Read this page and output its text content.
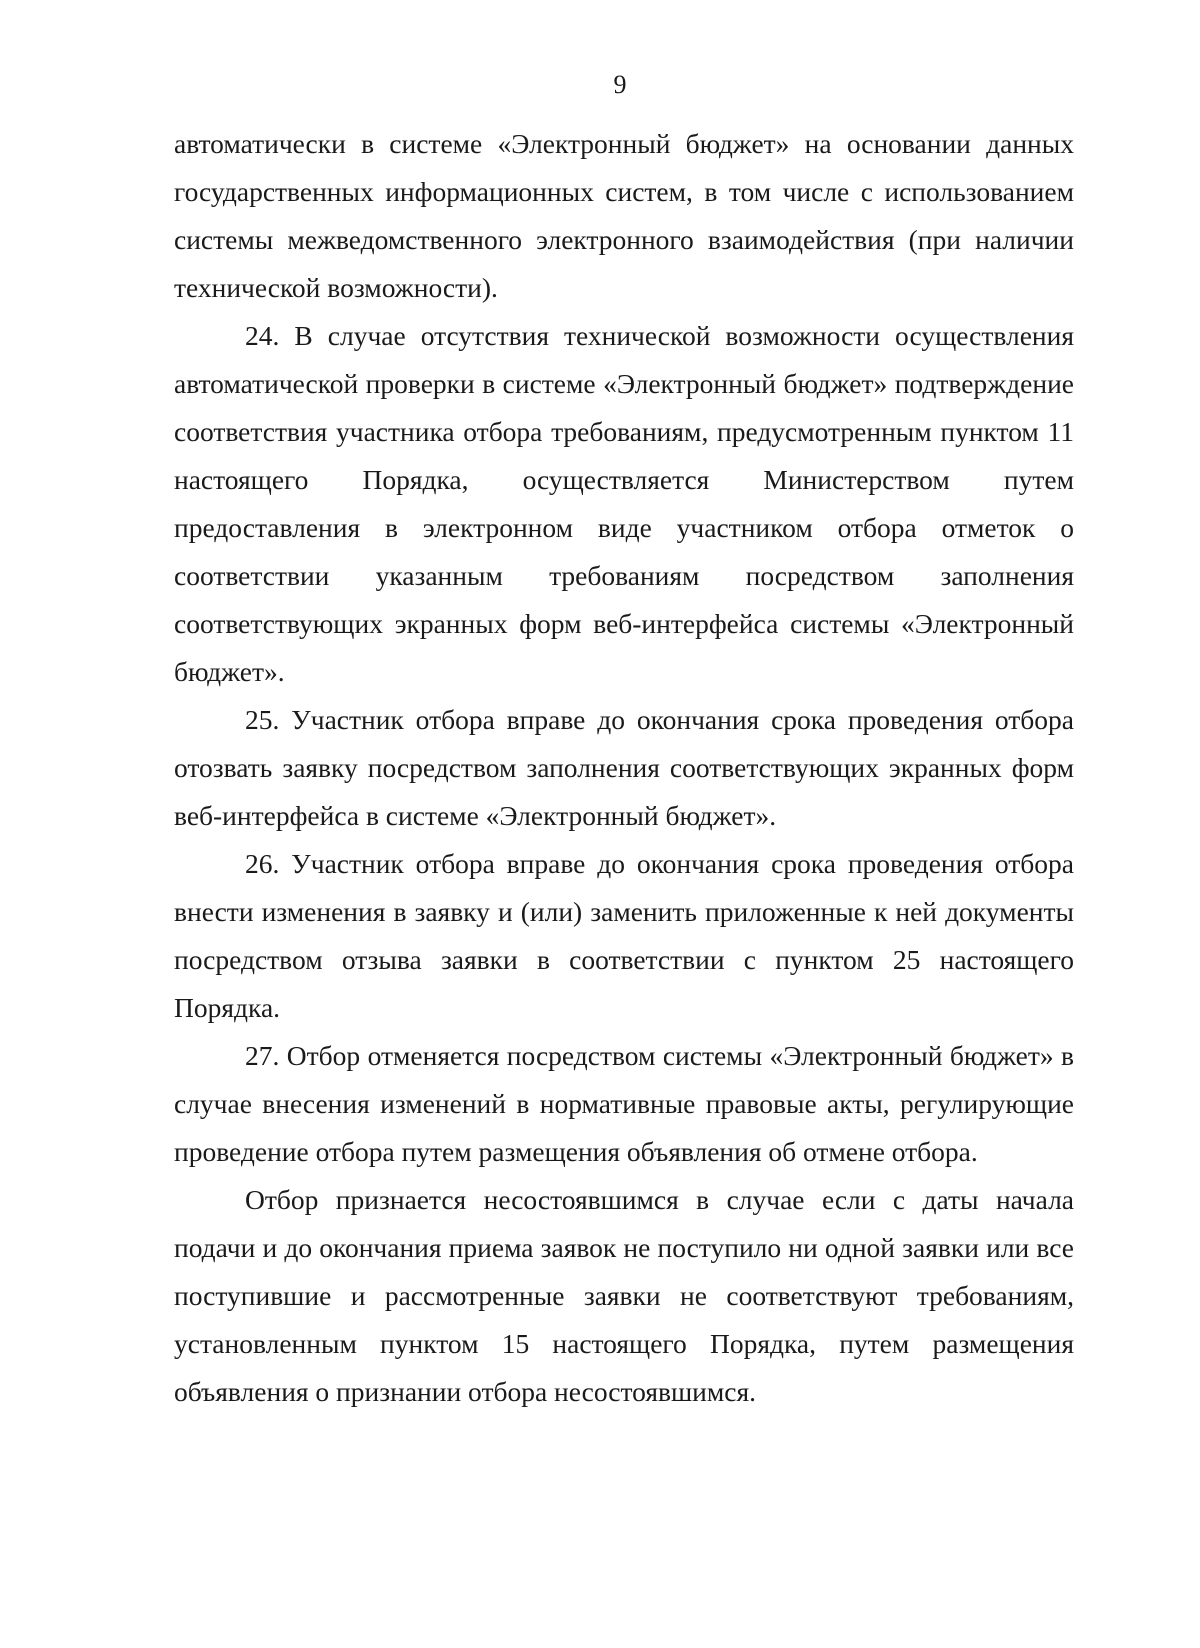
9

автоматически в системе «Электронный бюджет» на основании данных государственных информационных систем, в том числе с использованием системы межведомственного электронного взаимодействия (при наличии технической возможности).

24. В случае отсутствия технической возможности осуществления автоматической проверки в системе «Электронный бюджет» подтверждение соответствия участника отбора требованиям, предусмотренным пунктом 11 настоящего Порядка, осуществляется Министерством путем предоставления в электронном виде участником отбора отметок о соответствии указанным требованиям посредством заполнения соответствующих экранных форм веб-интерфейса системы «Электронный бюджет».

25. Участник отбора вправе до окончания срока проведения отбора отозвать заявку посредством заполнения соответствующих экранных форм веб-интерфейса в системе «Электронный бюджет».

26. Участник отбора вправе до окончания срока проведения отбора внести изменения в заявку и (или) заменить приложенные к ней документы посредством отзыва заявки в соответствии с пунктом 25 настоящего Порядка.

27. Отбор отменяется посредством системы «Электронный бюджет» в случае внесения изменений в нормативные правовые акты, регулирующие проведение отбора путем размещения объявления об отмене отбора.

Отбор признается несостоявшимся в случае если с даты начала подачи и до окончания приема заявок не поступило ни одной заявки или все поступившие и рассмотренные заявки не соответствуют требованиям, установленным пунктом 15 настоящего Порядка, путем размещения объявления о признании отбора несостоявшимся.
